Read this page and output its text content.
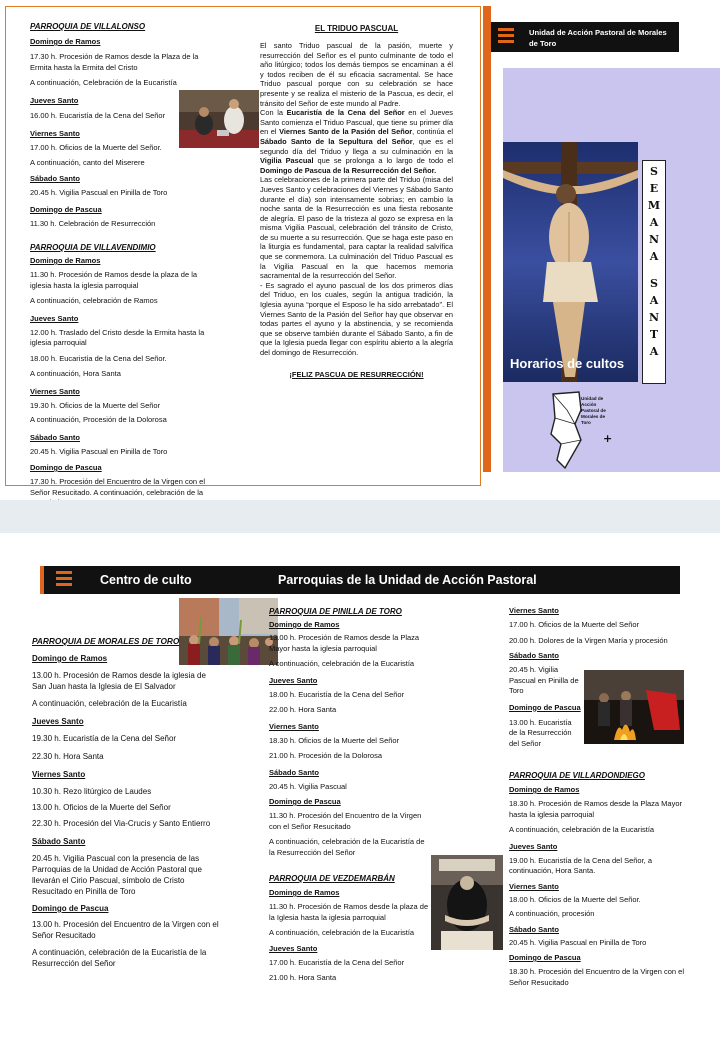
PARROQUIA DE VILLALONSO
Domingo de Ramos
17.30 h. Procesión de Ramos desde la Plaza de la Ermita hasta la Ermita del Cristo
A continuación, Celebración de la Eucaristía
Jueves Santo
16.00 h. Eucaristía de la Cena del Señor
Viernes Santo
17.00 h. Oficios de la Muerte del Señor.
A continuación, canto del Miserere
Sábado Santo
20.45 h. Vigilia Pascual en Pinilla de Toro
Domingo de Pascua
11.30 h. Celebración de Resurrección
PARROQUIA DE VILLAVENDIMIO
Domingo de Ramos
11.30 h. Procesión de Ramos desde la plaza de la iglesia hasta la iglesia parroquial
A continuación, celebración de Ramos
Jueves Santo
12.00 h. Traslado del Cristo desde la Ermita hasta la iglesia parroquial
18.00 h. Eucaristía de la Cena del Señor.
A continuación, Hora Santa
Viernes Santo
19.30 h. Oficios de la Muerte del Señor
A continuación, Procesión de la Dolorosa
Sábado Santo
20.45 h. Vigilia Pascual en Pinilla de Toro
Domingo de Pascua
17.30 h. Procesión del Encuentro de la Virgen con el Señor Resucitado. A continuación, celebración de la
EL TRIDUO PASCUAL

El santo Triduo pascual de la pasión, muerte y resurrección del Señor es el punto culminante de todo el año litúrgico; todos los demás tiempos se encaminan a él y todos reciben de él su eficacia sacramental. Se hace Triduo pascual porque con su celebración se hace presente y se realiza el misterio de la Pascua, es decir, el tránsito del Señor de este mundo al Padre.

Con la Eucaristía de la Cena del Señor en el Jueves Santo comienza el Triduo Pascual, que tiene su primer día en el Viernes Santo de la Pasión del Señor, continúa el Sábado Santo de la Sepultura del Señor, que es el segundo día del Triduo y llega a su culminación en la Vigilia Pascual que se prolonga a lo largo de todo el Domingo de Pascua de la Resurrección del Señor.

Las celebraciones de la primera parte del Triduo (misa del Jueves Santo y celebraciones del Viernes y Sábado Santo durante el día) son intensamente sobrias; en cambio la noche santa de la Resurrección es una fiesta rebosante de alegría. El paso de la tristeza al gozo se expresa en la misma Vigilia Pascual, celebración del tránsito de Cristo, de su muerte a su resurrección. Que se haga este paso en la liturgia es fundamental, para captar la realidad salvífica que se conmemora. La culminación del Triduo Pascual es la Vigilia Pascual en la que hacemos memoria sacramental de la resurrección del Señor.

- Es sagrado el ayuno pascual de los dos primeros días del Triduo, en los cuales, según la antigua tradición, la Iglesia ayuna “porque el Esposo le ha sido arrebatado”. El Viernes Santo de la Pasión del Señor hay que observar en todas partes el ayuno y la abstinencia, y se recomienda que se observe también durante el Sábado Santo, a fin de que la Iglesia pueda llegar con espíritu abierto a la alegría del domingo de Resurrección.

¡FELIZ PASCUA DE RESURRECCIÓN!
Unidad de Acción Pastoral de Morales de Toro
S
E
M
A
N
A
S
A
N
T
A
Horarios de cultos
+
Unidad de Acción Pastoral de Morales de Toro
Centro de culto	Parroquias de la Unidad de Acción Pastoral
PARROQUIA DE MORALES DE TORO
Domingo de Ramos
13.00 h. Procesión de Ramos desde la iglesia de San Juan hasta la Iglesia de El Salvador
A continuación, celebración de la Eucaristía
Jueves Santo
19.30 h. Eucaristía de la Cena del Señor
22.30 h. Hora Santa
Viernes Santo
10.30 h. Rezo litúrgico de Laudes
13.00 h. Oficios de la Muerte del Señor
22.30 h. Procesión del Via-Crucis y Santo Entierro
Sábado Santo
20.45 h. Vigilia Pascual con la presencia de las Parroquias de la Unidad de Acción Pastoral que llevarán el Cirio Pascual, símbolo de Cristo Resucitado en Pinilla de Toro
Domingo de Pascua
13.00 h. Procesión del Encuentro de la Virgen con el Señor Resucitado
A continuación, celebración de la Eucaristía de la Resurrección del Señor
PARROQUIA DE PINILLA DE TORO
Domingo de Ramos
13.00 h. Procesión de Ramos desde la Plaza Mayor hasta la iglesia parroquial
A continuación, celebración de la Eucaristía
Jueves Santo
18.00 h. Eucaristía de la Cena del Señor
22.00 h. Hora Santa
Viernes Santo
18.30 h. Oficios de la Muerte del Señor
21.00 h. Procesión de la Dolorosa
Sábado Santo
20.45 h. Vigilia Pascual
Domingo de Pascua
11.30 h. Procesión del Encuentro de la Virgen con el Señor Resucitado
A continuación, celebración de la Eucaristía de la Resurrección del Señor
PARROQUIA DE VEZDEMARBÁN
Domingo de Ramos
11.30 h. Procesión de Ramos desde la plaza de la Iglesia hasta la iglesia parroquial
A continuación, celebración de la Eucaristía
Jueves Santo
17.00 h. Eucaristía de la Cena del Señor
21.00 h. Hora Santa
Viernes Santo
17.00 h. Oficios de la Muerte del Señor
20.00 h. Dolores de la Virgen María y procesión
Sábado Santo
20.45 h. Vigilia Pascual en Pinilla de Toro
Domingo de Pascua
13.00 h. Eucaristía de la Resurrección del Señor
PARROQUIA DE VILLARDONDIEGO
Domingo de Ramos
18.30 h. Procesión de Ramos desde la Plaza Mayor hasta la iglesia parroquial
A continuación, celebración de la Eucaristía
Jueves Santo
19.00 h. Eucaristía de la Cena del Señor, a continuación, Hora Santa.
Viernes Santo
18.00 h. Oficios de la Muerte del Señor.
A continuación, procesión
Sábado Santo
20.45 h. Vigilia Pascual en Pinilla de Toro
Domingo de Pascua
18.30 h. Procesión del Encuentro de la Virgen con el Señor Resucitado
